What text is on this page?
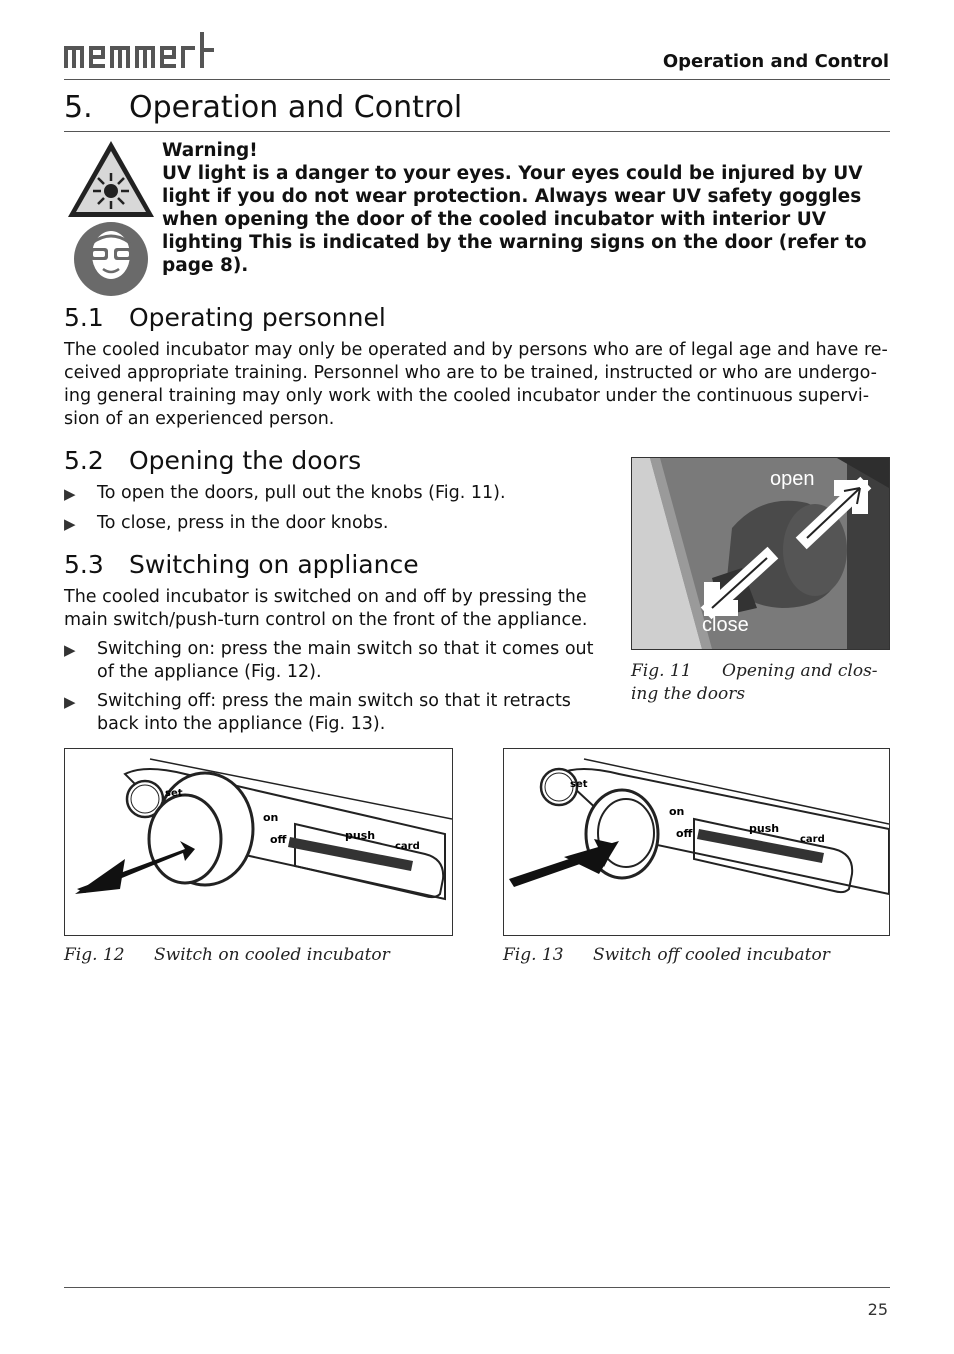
Operation and Control
5. Operation and Control
Warning!
UV light is a danger to your eyes. Your eyes could be injured by UV light if you do not wear protection. Always wear UV safety goggles when opening the door of the cooled incubator with interior UV lighting This is indicated by the warning signs on the door (refer to page 8).
5.1 Operating personnel
The cooled incubator may only be operated and by persons who are of legal age and have re-ceived appropriate training. Personnel who are to be trained, instructed or who are undergo-ing general training may only work with the cooled incubator under the continuous supervi-sion of an experienced person.
5.2 Opening the doors
▶	To open the doors, pull out the knobs (Fig. 11).
▶	To close, press in the door knobs.
5.3 Switching on appliance
The cooled incubator is switched on and off by pressing the main switch/push-turn control on the front of the appliance.
▶	Switching on: press the main switch so that it comes out of the appliance (Fig. 12).
▶	Switching off: press the main switch so that it retracts back into the appliance (Fig. 13).
open
close
Fig. 11 Opening and clos-
ing the doors
set
on
off	push
card
Fig. 12 Switch on cooled incubator
set
on
off	push
card
Fig. 13 Switch off cooled incubator
25
